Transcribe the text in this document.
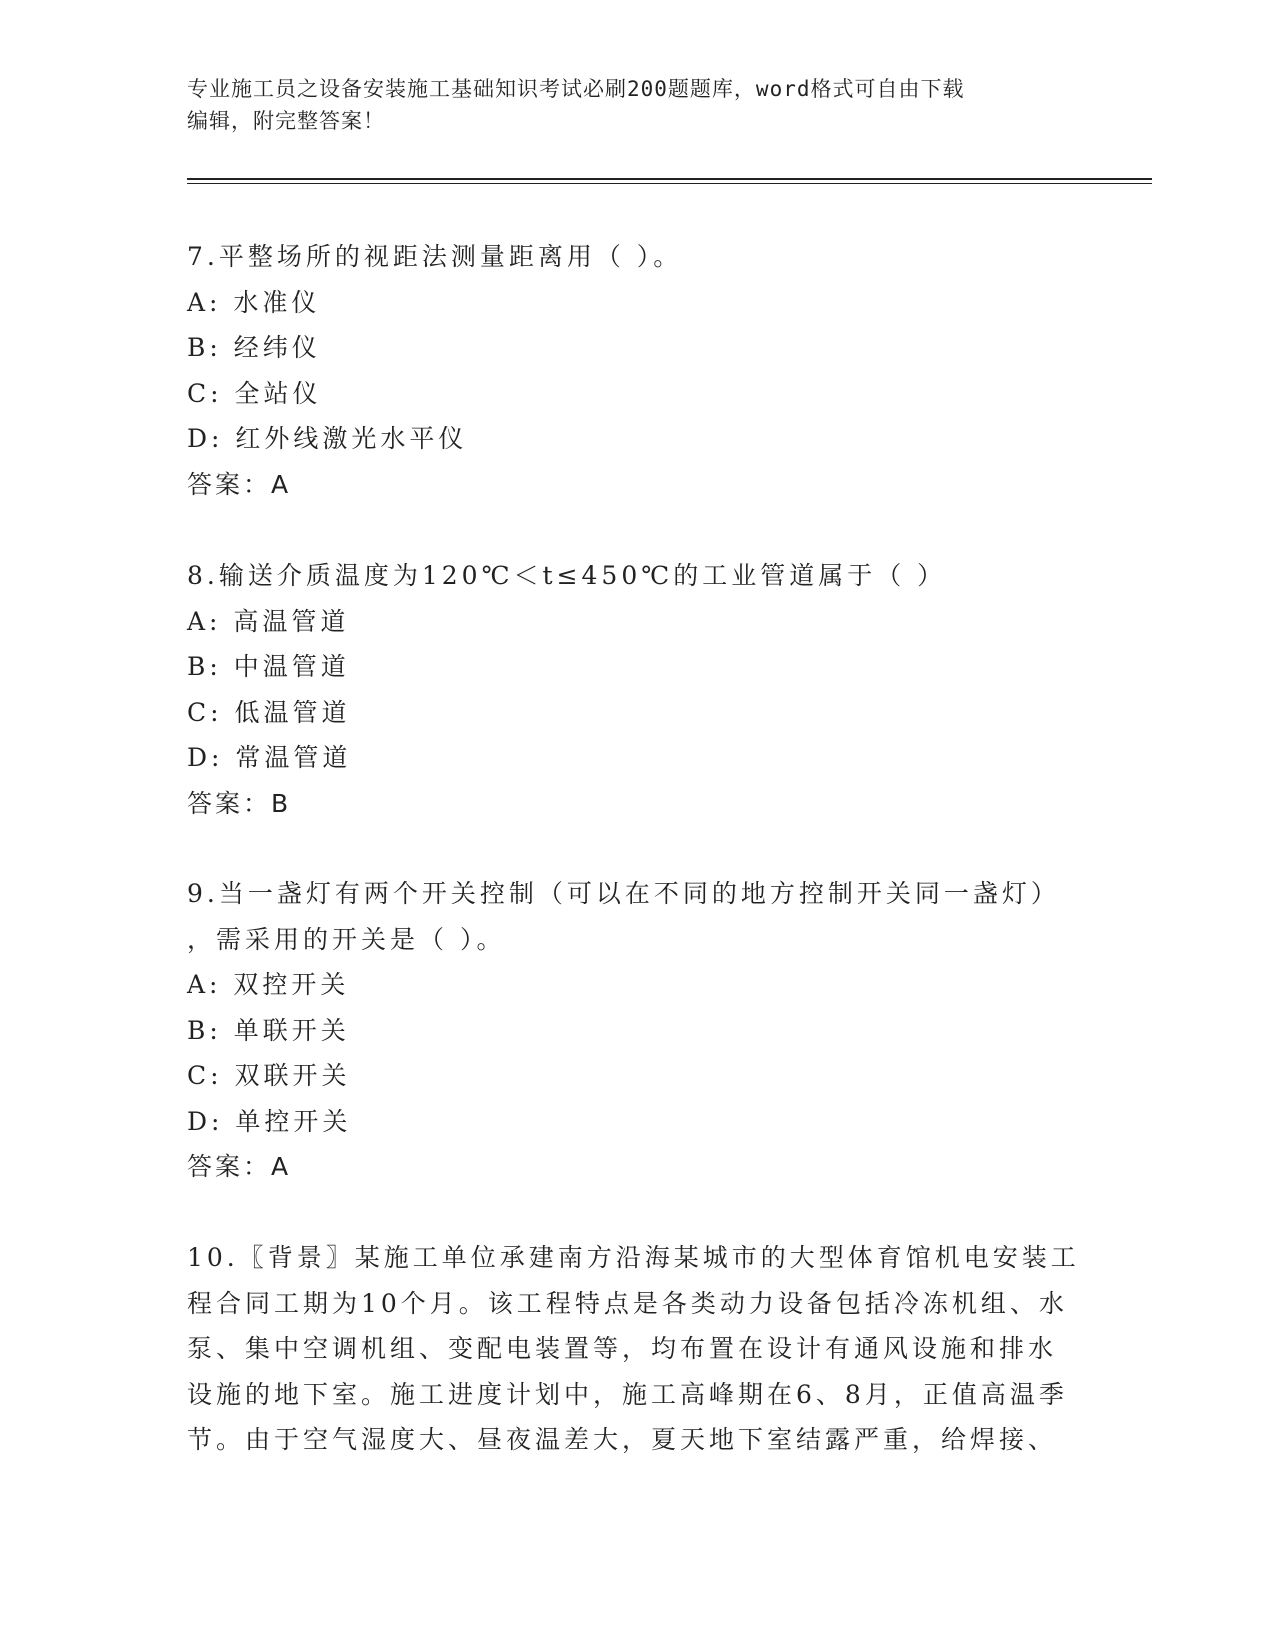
专业施工员之设备安装施工基础知识考试必刷200题题库，word格式可自由下载
编辑，附完整答案！
7.平整场所的视距法测量距离用（ ）。
A: 水准仪
B: 经纬仪
C: 全站仪
D: 红外线激光水平仪
答案：A
8.输送介质温度为120℃＜t≤450℃的工业管道属于（ ）
A: 高温管道
B: 中温管道
C: 低温管道
D: 常温管道
答案：B
9.当一盏灯有两个开关控制（可以在不同的地方控制开关同一盏灯）
，需采用的开关是（ ）。
A: 双控开关
B: 单联开关
C: 双联开关
D: 单控开关
答案：A
10.〖背景〗某施工单位承建南方沿海某城市的大型体育馆机电安装工
程合同工期为10个月。该工程特点是各类动力设备包括冷冻机组、水
泵、集中空调机组、变配电装置等，均布置在设计有通风设施和排水
设施的地下室。施工进度计划中，施工高峰期在6、8月，正值高温季
节。由于空气湿度大、昼夜温差大，夏天地下室结露严重，给焊接、
